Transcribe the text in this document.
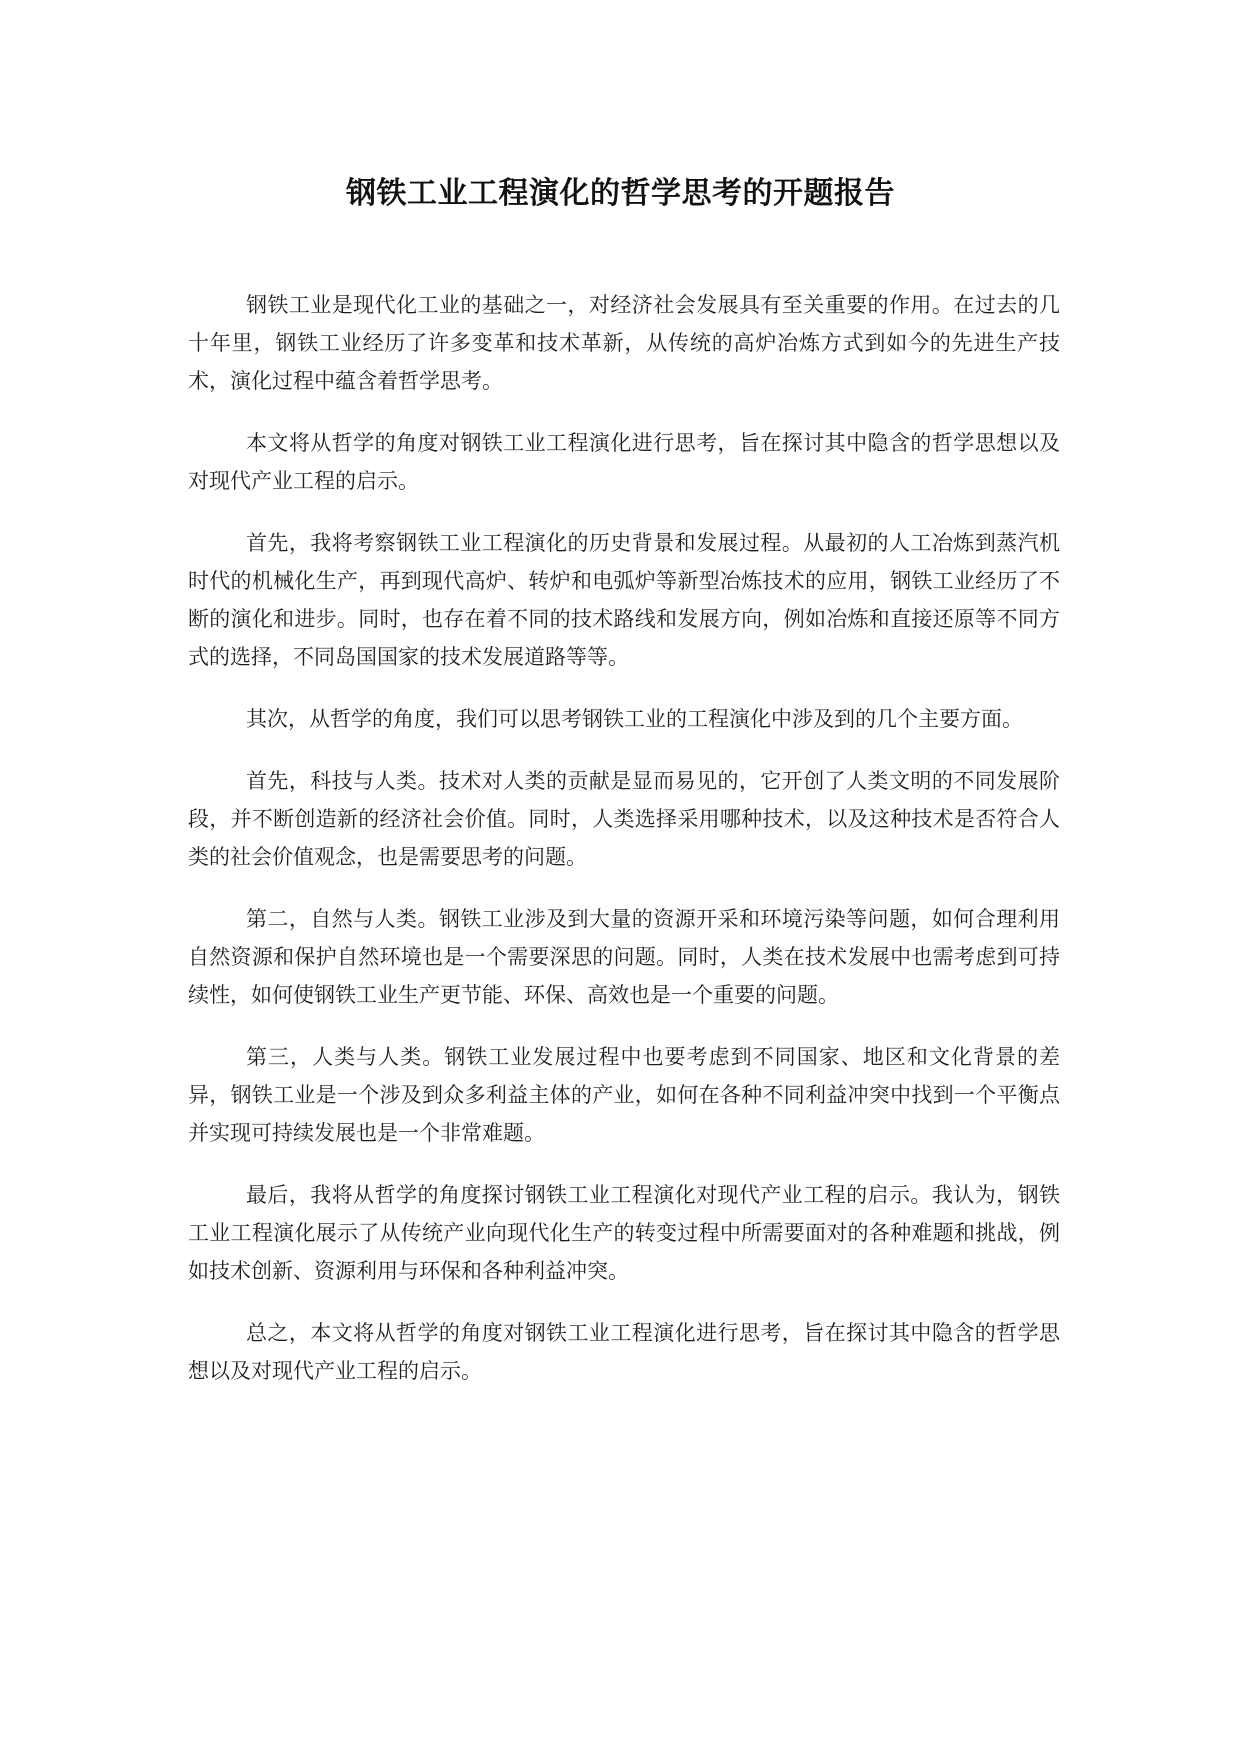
钢铁工业工程演化的哲学思考的开题报告

钢铁工业是现代化工业的基础之一，对经济社会发展具有至关重要的作用。在过去的几十年里，钢铁工业经历了许多变革和技术革新，从传统的高炉冶炼方式到如今的先进生产技术，演化过程中蕴含着哲学思考。

本文将从哲学的角度对钢铁工业工程演化进行思考，旨在探讨其中隐含的哲学思想以及对现代产业工程的启示。

首先，我将考察钢铁工业工程演化的历史背景和发展过程。从最初的人工冶炼到蒸汽机时代的机械化生产，再到现代高炉、转炉和电弧炉等新型冶炼技术的应用，钢铁工业经历了不断的演化和进步。同时，也存在着不同的技术路线和发展方向，例如冶炼和直接还原等不同方式的选择，不同岛国国家的技术发展道路等等。

其次，从哲学的角度，我们可以思考钢铁工业的工程演化中涉及到的几个主要方面。

首先，科技与人类。技术对人类的贡献是显而易见的，它开创了人类文明的不同发展阶段，并不断创造新的经济社会价值。同时，人类选择采用哪种技术，以及这种技术是否符合人类的社会价值观念，也是需要思考的问题。

第二，自然与人类。钢铁工业涉及到大量的资源开采和环境污染等问题，如何合理利用自然资源和保护自然环境也是一个需要深思的问题。同时，人类在技术发展中也需考虑到可持续性，如何使钢铁工业生产更节能、环保、高效也是一个重要的问题。

第三，人类与人类。钢铁工业发展过程中也要考虑到不同国家、地区和文化背景的差异，钢铁工业是一个涉及到众多利益主体的产业，如何在各种不同利益冲突中找到一个平衡点并实现可持续发展也是一个非常难题。

最后，我将从哲学的角度探讨钢铁工业工程演化对现代产业工程的启示。我认为，钢铁工业工程演化展示了从传统产业向现代化生产的转变过程中所需要面对的各种难题和挑战，例如技术创新、资源利用与环保和各种利益冲突。

总之，本文将从哲学的角度对钢铁工业工程演化进行思考，旨在探讨其中隐含的哲学思想以及对现代产业工程的启示。
